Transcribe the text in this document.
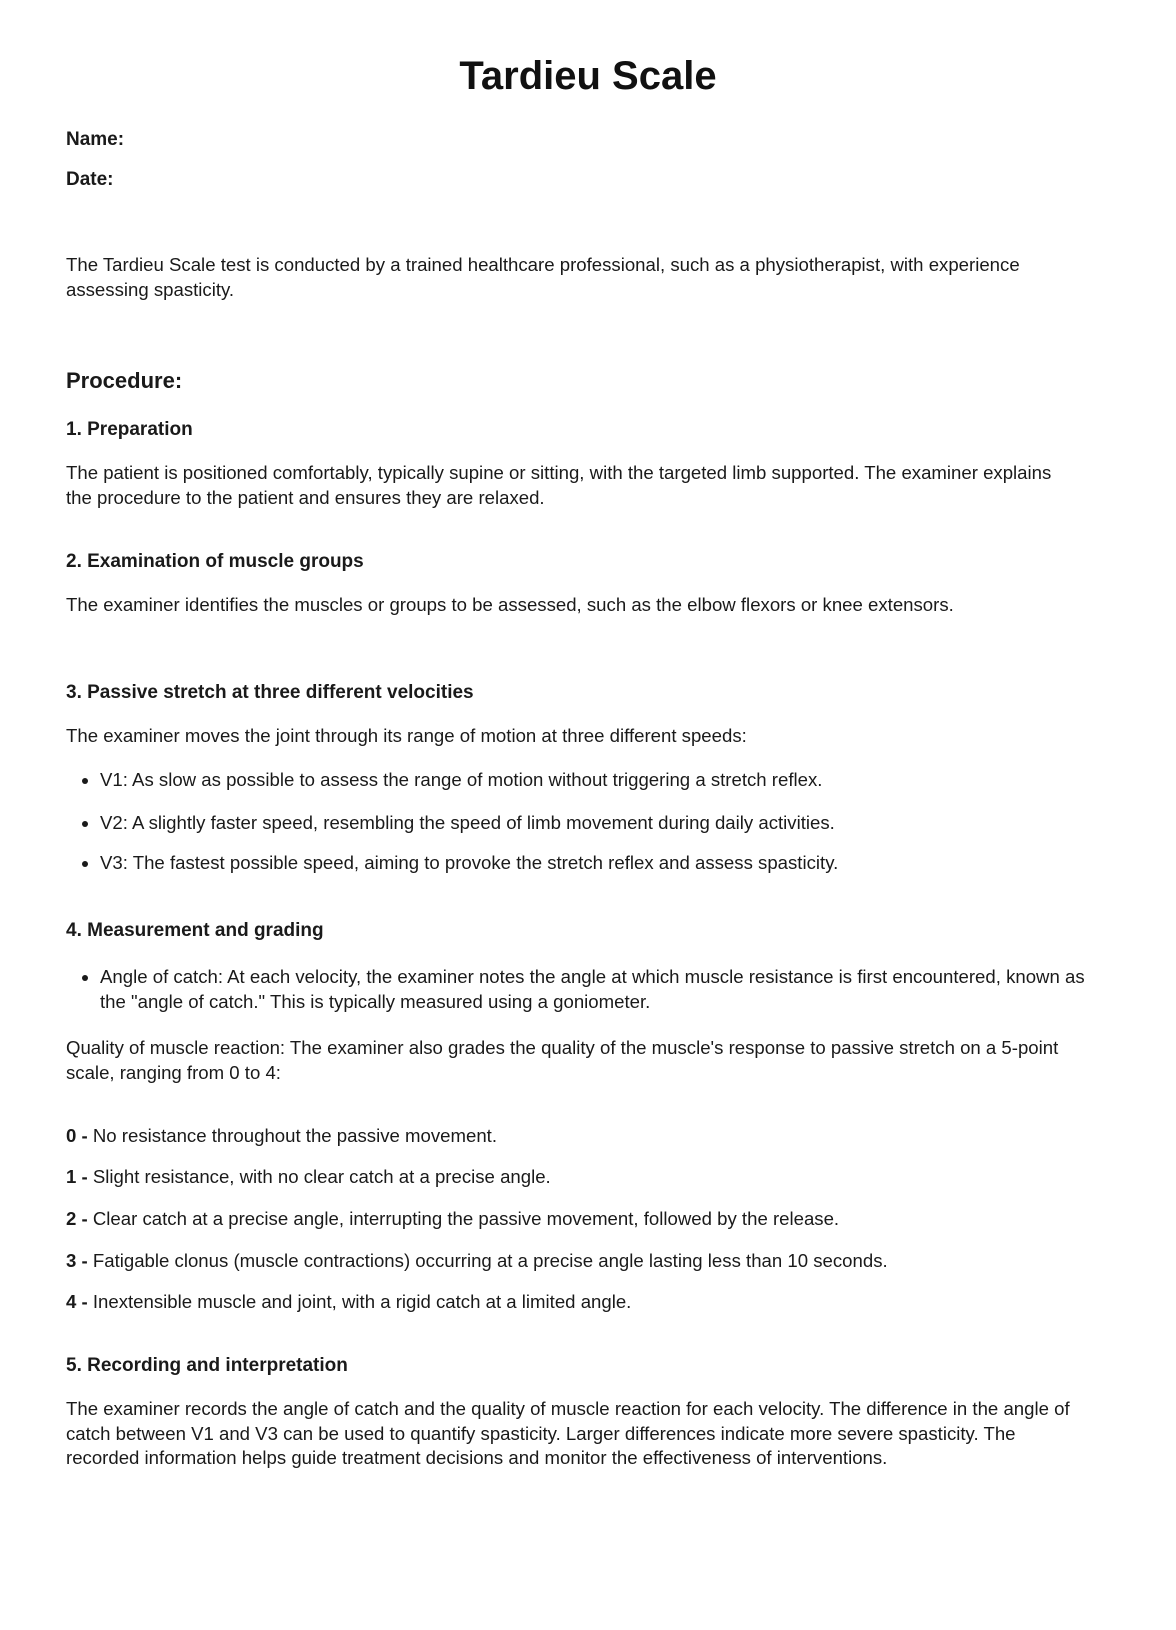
Tardieu Scale
Name:
Date:
The Tardieu Scale test is conducted by a trained healthcare professional, such as a physiotherapist, with experience assessing spasticity.
Procedure:
1. Preparation
The patient is positioned comfortably, typically supine or sitting, with the targeted limb supported. The examiner explains the procedure to the patient and ensures they are relaxed.
2. Examination of muscle groups
The examiner identifies the muscles or groups to be assessed, such as the elbow flexors or knee extensors.
3. Passive stretch at three different velocities
The examiner moves the joint through its range of motion at three different speeds:
• V1: As slow as possible to assess the range of motion without triggering a stretch reflex.
• V2: A slightly faster speed, resembling the speed of limb movement during daily activities.
• V3: The fastest possible speed, aiming to provoke the stretch reflex and assess spasticity.
4. Measurement and grading
• Angle of catch: At each velocity, the examiner notes the angle at which muscle resistance is first encountered, known as the "angle of catch." This is typically measured using a goniometer.
Quality of muscle reaction: The examiner also grades the quality of the muscle's response to passive stretch on a 5-point scale, ranging from 0 to 4:
0 - No resistance throughout the passive movement.
1 - Slight resistance, with no clear catch at a precise angle.
2 - Clear catch at a precise angle, interrupting the passive movement, followed by the release.
3 - Fatigable clonus (muscle contractions) occurring at a precise angle lasting less than 10 seconds.
4 - Inextensible muscle and joint, with a rigid catch at a limited angle.
5. Recording and interpretation
The examiner records the angle of catch and the quality of muscle reaction for each velocity. The difference in the angle of catch between V1 and V3 can be used to quantify spasticity. Larger differences indicate more severe spasticity. The recorded information helps guide treatment decisions and monitor the effectiveness of interventions.
